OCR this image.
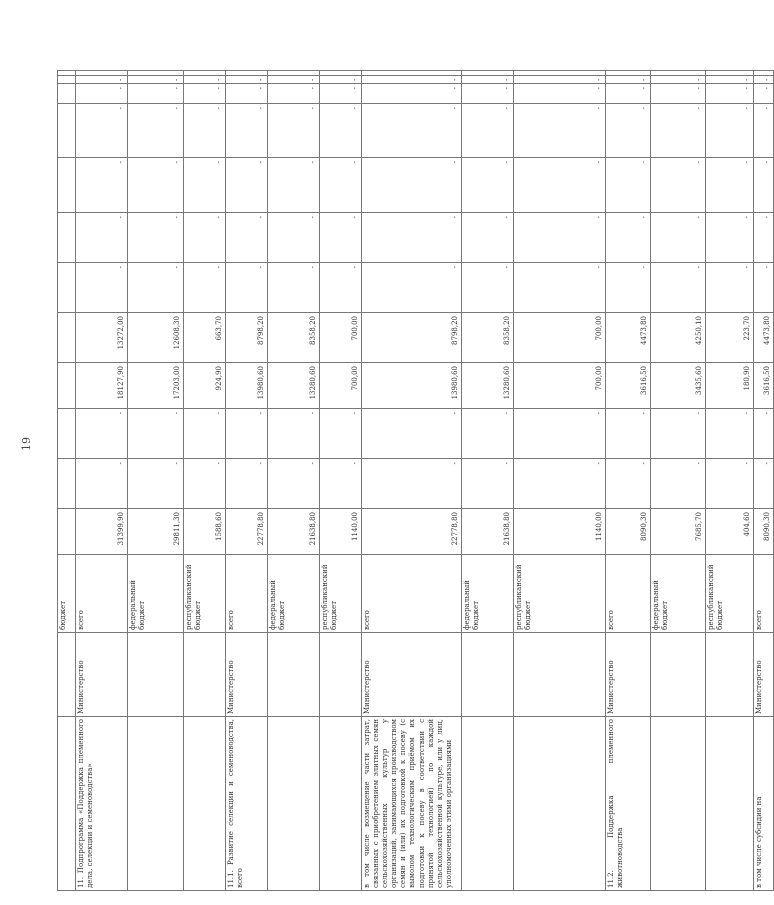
19
		бюджет												
11. Подпрограмма «Поддержка племенного дела, селекции и семеноводства»	Министерство	всего	31399,90	-	-	18127,90	13272,00	-	-	-	-	-	-	
		федеральный бюджет	29811,30	-	-	17203,00	12608,30	-	-	-	-	-	-	
		республиканский бюджет	1588,60	-	-	924,90	663,70	-	-	-	-	-	-	
11.1. Развитие селекции и семеноводства, всего	Министерство	всего	22778,80	-	-	13980,60	8798,20	-	-	-	-	-	-	
		федеральный бюджет	21638,80	-	-	13280,60	8358,20	-	-	-	-	-	-	
		республиканский бюджет	1140,00	-	-	700,00	700,00	-	-	-	-	-	-	
в том числе возмещение части затрат, связанных с приобретением элитных семян сельскохозяйственных культур у организаций, занимающихся производством семян и (или) их подготовкой к посеву (с вымолом технологическим приёмом их подготовки к посеву в соответствии с принятой технологией) по каждой сельскохозяйственной культуре, или у лиц, уполномоченных этими организациями	Министерство	всего	22778,80	-	-	13980,60	8798,20	-	-	-	-	-	-	
		федеральный бюджет	21638,80	-	-	13280,60	8358,20	-	-	-	-	-	-	
		республиканский бюджет	1140,00	-	-	700,00	700,00	-	-	-	-	-	-	
11.2. Поддержка племенного животноводства	Министерство	всего	8090,30	-	-	3616,50	4473,80	-	-	-	-	-	-	
		федеральный бюджет	7685,70	-	-	3435,60	4250,10	-	-	-	-	-	-	
		республиканский бюджет	404,60	-	-	180,90	223,70	-	-	-	-	-	-	
в том числе субсидии на	Министерство	всего	8090,30	-	-	3616,50	4473,80	-	-	-	-	-	-	
